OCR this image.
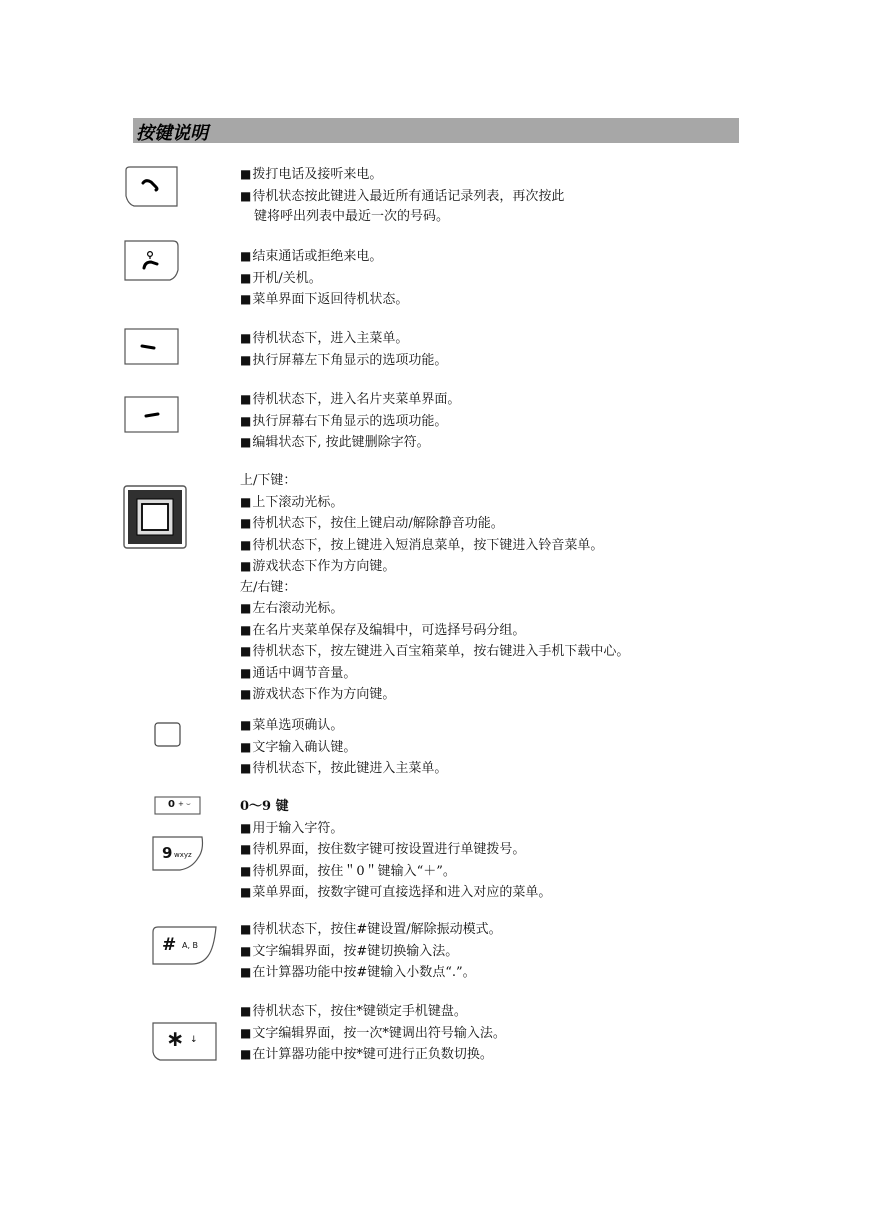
按键说明
0 + ⌣
9 wxyz
# A, B
∗ ↓
■ 拨打电话及接听来电。
■ 待机状态按此键进入最近所有通话记录列表，再次按此
键将呼出列表中最近一次的号码。
■ 结束通话或拒绝来电。
■ 开机/关机。
■ 菜单界面下返回待机状态。
■ 待机状态下，进入主菜单。
■ 执行屏幕左下角显示的选项功能。
■ 待机状态下，进入名片夹菜单界面。
■ 执行屏幕右下角显示的选项功能。
■ 编辑状态下, 按此键删除字符。
上/下键：
■ 上下滚动光标。
■ 待机状态下，按住上键启动/解除静音功能。
■ 待机状态下，按上键进入短消息菜单，按下键进入铃音菜单。
■ 游戏状态下作为方向键。
左/右键：
■ 左右滚动光标。
■ 在名片夹菜单保存及编辑中，可选择号码分组。
■ 待机状态下，按左键进入百宝箱菜单，按右键进入手机下载中心。
■ 通话中调节音量。
■ 游戏状态下作为方向键。
■ 菜单选项确认。
■ 文字输入确认键。
■ 待机状态下，按此键进入主菜单。
0～9 键
■ 用于输入字符。
■ 待机界面，按住数字键可按设置进行单键拨号。
■ 待机界面，按住＂0＂键输入“＋”。
■ 菜单界面，按数字键可直接选择和进入对应的菜单。
■ 待机状态下，按住#键设置/解除振动模式。
■ 文字编辑界面，按#键切换输入法。
■ 在计算器功能中按#键输入小数点“.”。
■ 待机状态下，按住*键锁定手机键盘。
■ 文字编辑界面，按一次*键调出符号输入法。
■ 在计算器功能中按*键可进行正负数切换。
